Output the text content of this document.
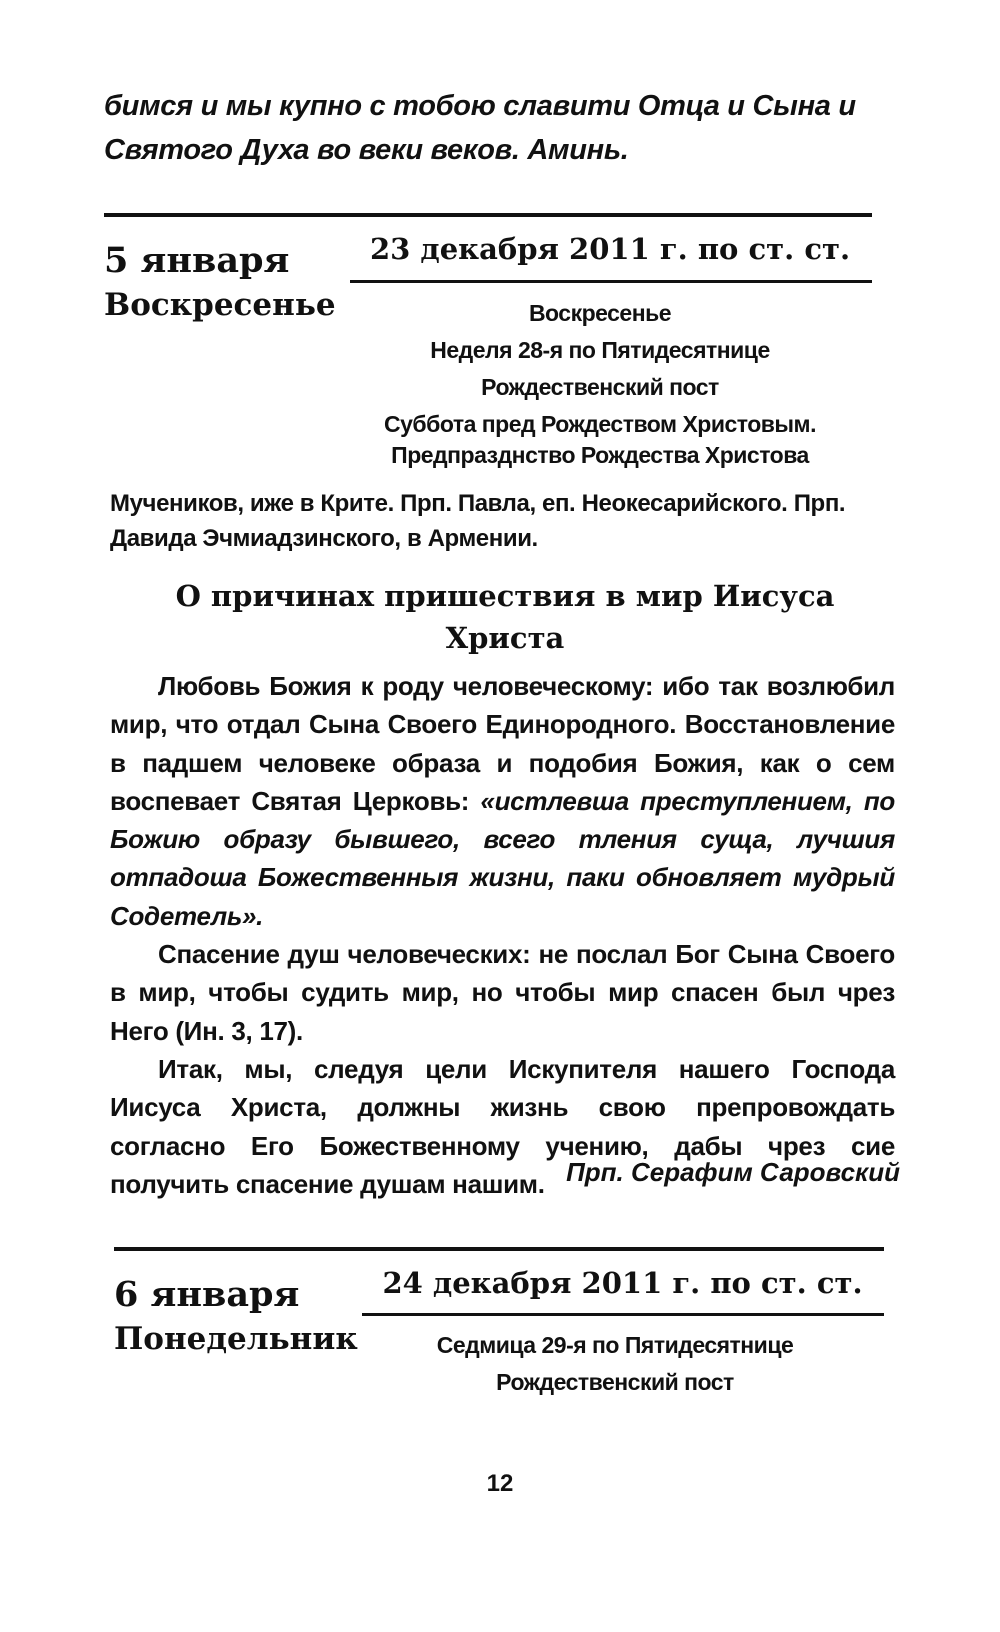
бимся и мы купно с тобою славити Отца и Сына и Святого Духа во веки веков. Аминь.
5 января
Воскресенье
23 декабря 2011 г. по ст. ст.
Воскресенье
Неделя 28-я по Пятидесятнице
Рождественский пост
Суббота пред Рождеством Христовым. Предпразднство Рождества Христова
Мучеников, иже в Крите. Прп. Павла, еп. Неокесарийского. Прп. Давида Эчмиадзинского, в Армении.
О причинах пришествия в мир Иисуса Христа

Любовь Божия к роду человеческому: ибо так возлюбил мир, что отдал Сына Своего Единородного. Восстановление в падшем человеке образа и подобия Божия, как о сем воспевает Святая Церковь: «истлевша преступлением, по Божию образу бывшего, всего тления суща, лучшия отпадоша Божественныя жизни, паки обновляет мудрый Содетель».

Спасение душ человеческих: не послал Бог Сына Своего в мир, чтобы судить мир, но чтобы мир спасен был чрез Него (Ин. 3, 17).

Итак, мы, следуя цели Искупителя нашего Господа Иисуса Христа, должны жизнь свою препровождать согласно Его Божественному учению, дабы чрез сие получить спасение душам нашим. Прп. Серафим Саровский
6 января
Понедельник
24 декабря 2011 г. по ст. ст.
Седмица 29-я по Пятидесятнице
Рождественский пост
12
